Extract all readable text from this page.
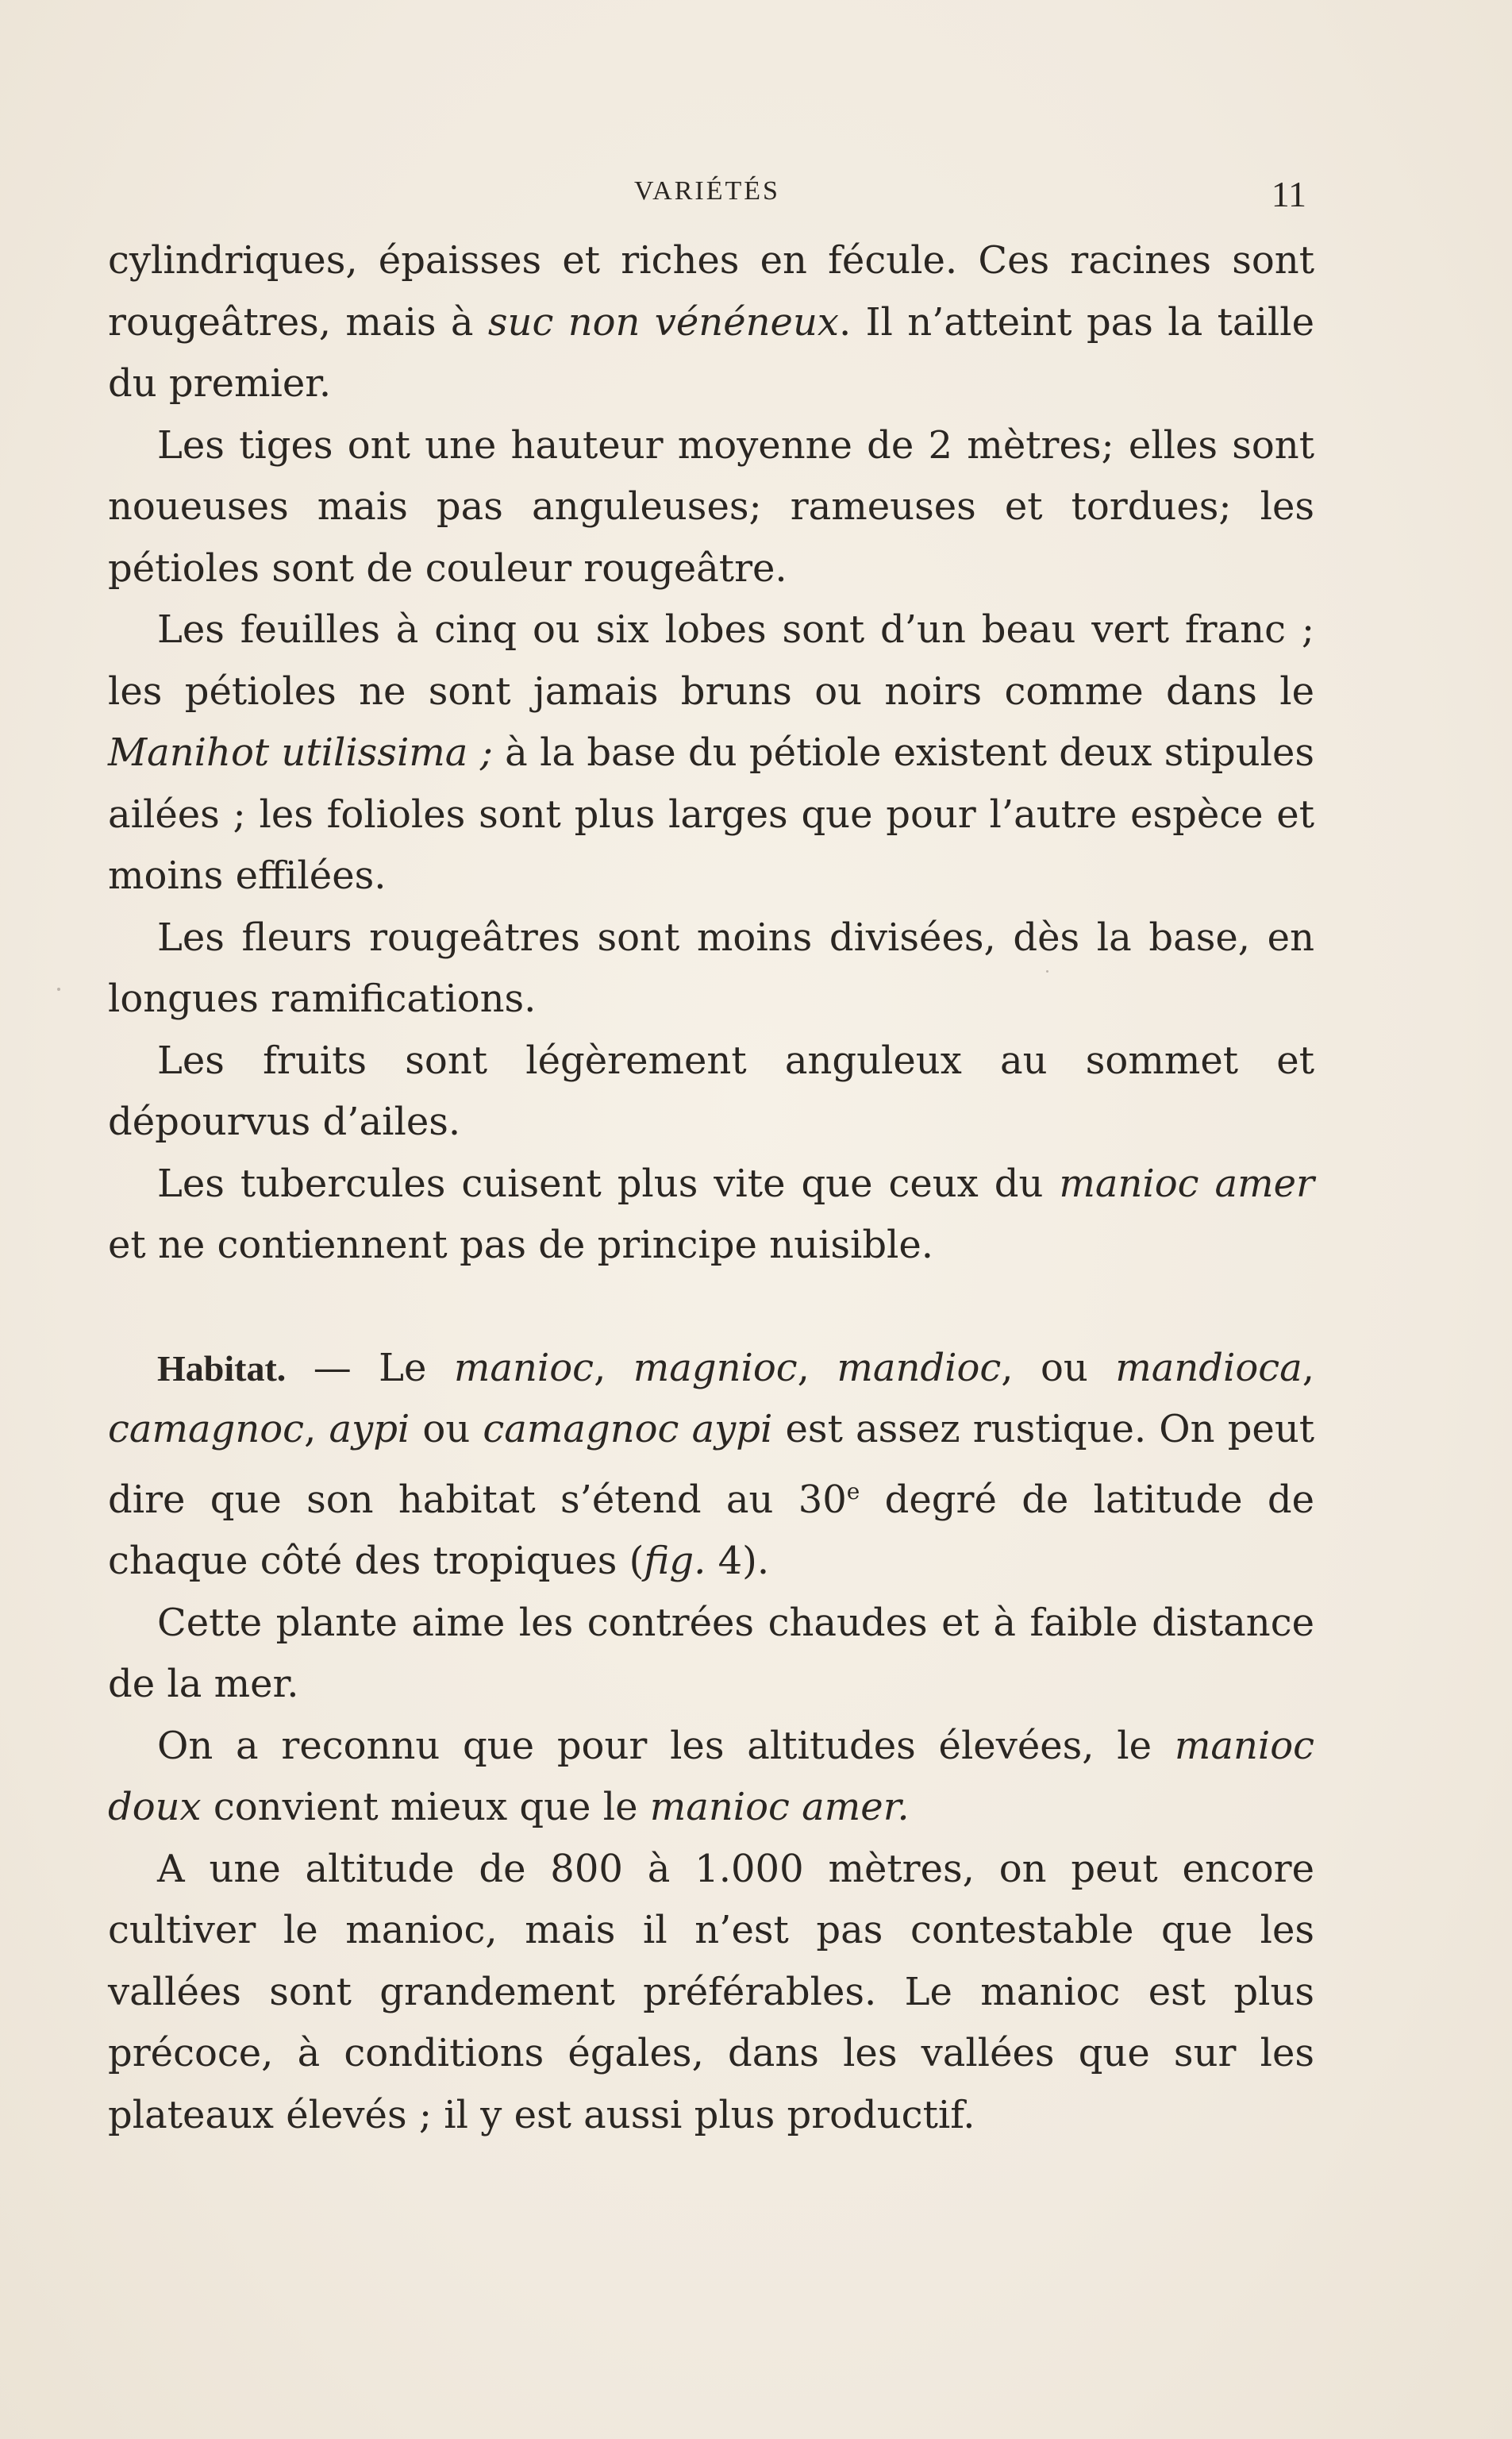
VARIÉTÉS	11

cylindriques, épaisses et riches en fécule. Ces racines sont rougeâtres, mais à suc non vénéneux. Il n’atteint pas la taille du premier.

Les tiges ont une hauteur moyenne de 2 mètres; elles sont noueuses mais pas anguleuses; rameuses et tordues; les pétioles sont de couleur rougeâtre.

Les feuilles à cinq ou six lobes sont d’un beau vert franc ; les pétioles ne sont jamais bruns ou noirs comme dans le Manihot utilissima ; à la base du pétiole existent deux stipules ailées ; les folioles sont plus larges que pour l’autre espèce et moins effilées.

Les fleurs rougeâtres sont moins divisées, dès la base, en longues ramifications.

Les fruits sont légèrement anguleux au sommet et dépourvus d’ailes.

Les tubercules cuisent plus vite que ceux du manioc amer et ne contiennent pas de principe nuisible.

Habitat. — Le manioc, magnioc, mandioc, ou mandioca, camagnoc, aypi ou camagnoc aypi est assez rustique. On peut dire que son habitat s’étend au 30e degré de latitude de chaque côté des tropiques (fig. 4).

Cette plante aime les contrées chaudes et à faible distance de la mer.

On a reconnu que pour les altitudes élevées, le manioc doux convient mieux que le manioc amer.

A une altitude de 800 à 1.000 mètres, on peut encore cultiver le manioc, mais il n’est pas contestable que les vallées sont grandement préférables. Le manioc est plus précoce, à conditions égales, dans les vallées que sur les plateaux élevés ; il y est aussi plus productif.
